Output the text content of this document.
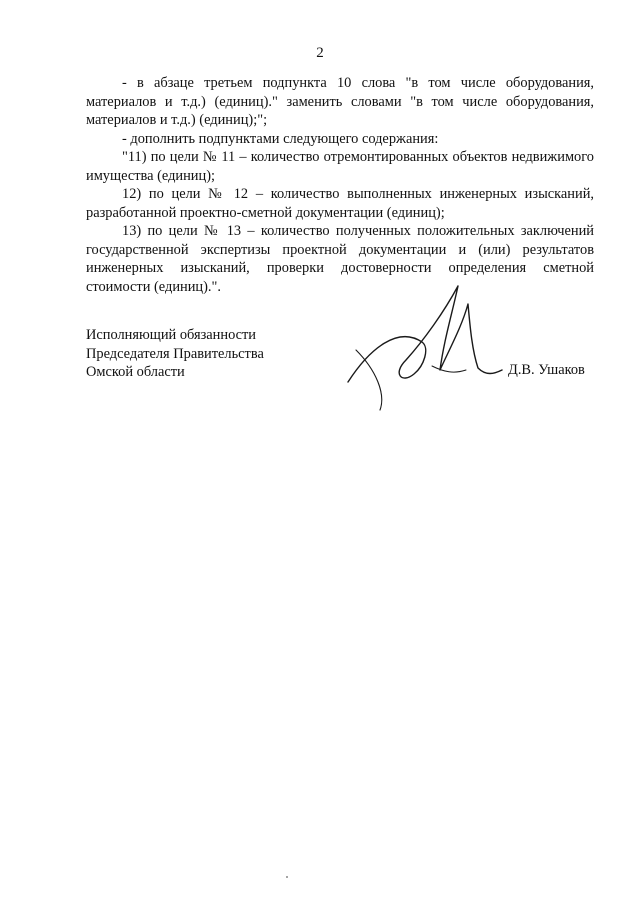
2

- в абзаце третьем подпункта 10 слова "в том числе оборудования, материалов и т.д.) (единиц)." заменить словами "в том числе оборудования, материалов и т.д.) (единиц);";

- дополнить подпунктами следующего содержания:

"11) по цели № 11 – количество отремонтированных объектов недвижимого имущества (единиц);

12) по цели № 12 – количество выполненных инженерных изысканий, разработанной проектно-сметной документации (единиц);

13) по цели № 13 – количество полученных положительных заключений государственной экспертизы проектной документации и (или) результатов инженерных изысканий, проверки достоверности определения сметной стоимости (единиц).".

Исполняющий обязанности
Председателя Правительства
Омской области	Д.В. Ушаков
